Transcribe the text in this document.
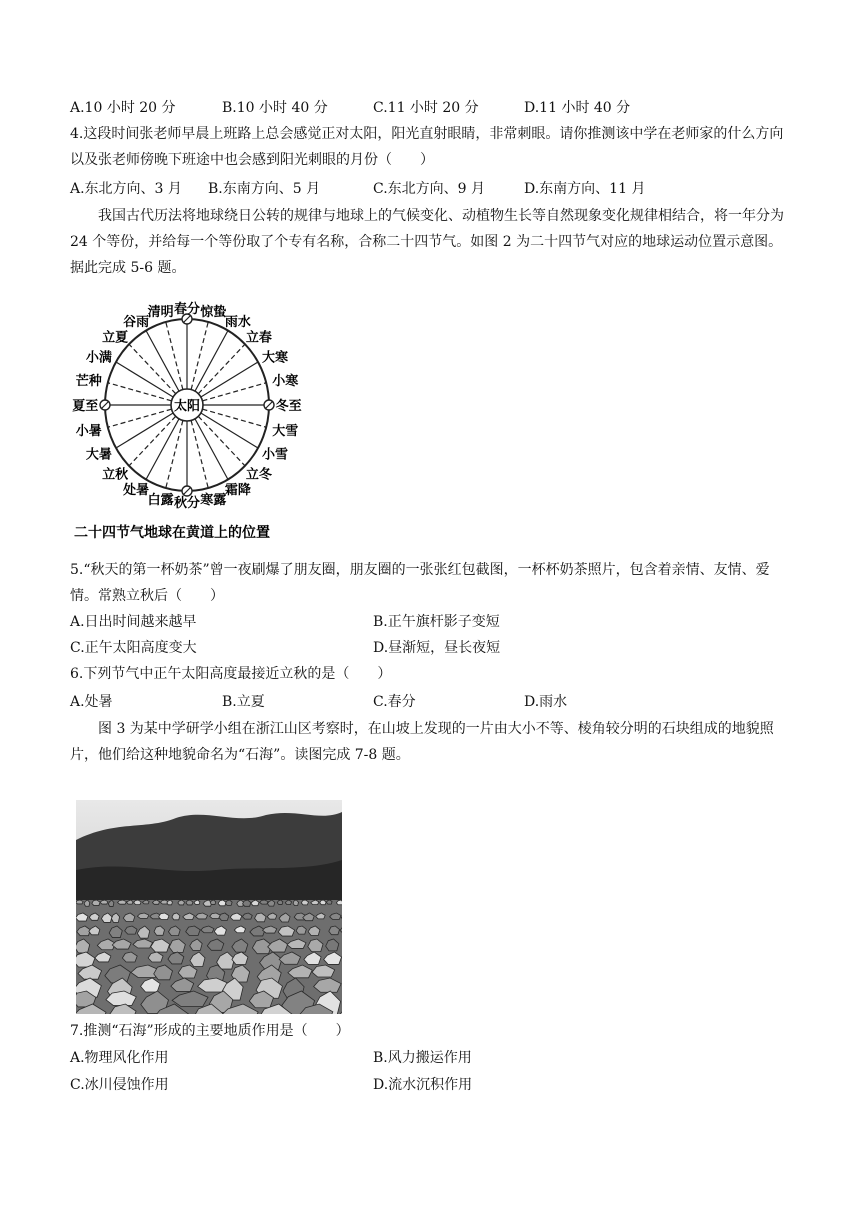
A.10 小时 20 分	B.10 小时 40 分	C.11 小时 20 分	D.11 小时 40 分
4.这段时间张老师早晨上班路上总会感觉正对太阳，阳光直射眼睛，非常刺眼。请你推测该中学在老师家的什么方向以及张老师傍晚下班途中也会感到阳光刺眼的月份（　　）
A.东北方向、3 月 B.东南方向、5 月	C.东北方向、9 月	D.东南方向、11 月
我国古代历法将地球绕日公转的规律与地球上的气候变化、动植物生长等自然现象变化规律相结合，将一年分为 24 个等份，并给每一个等份取了个专有名称，合称二十四节气。如图 2 为二十四节气对应的地球运动位置示意图。据此完成 5-6 题。
太阳
春分 惊蛰
雨水
立春
大寒
小寒
冬至
大雪
小雪
立冬
霜降
寒露
秋分
白露
处暑
立秋
大暑
小暑
夏至
芒种
小满
立夏
谷雨
清明
二十四节气地球在黄道上的位置
5.“秋天的第一杯奶茶”曾一夜刷爆了朋友圈，朋友圈的一张张红包截图，一杯杯奶茶照片，包含着亲情、友情、爱情。常熟立秋后（　　）
A.日出时间越来越早	B.正午旗杆影子变短
C.正午太阳高度变大	D.昼渐短，昼长夜短
6.下列节气中正午太阳高度最接近立秋的是（　　）
A.处暑	B.立夏	C.春分	D.雨水
图 3 为某中学研学小组在浙江山区考察时，在山坡上发现的一片由大小不等、棱角较分明的石块组成的地貌照片，他们给这种地貌命名为“石海”。读图完成 7-8 题。
7.推测“石海”形成的主要地质作用是（　　）
A.物理风化作用	B.风力搬运作用
C.冰川侵蚀作用	D.流水沉积作用
